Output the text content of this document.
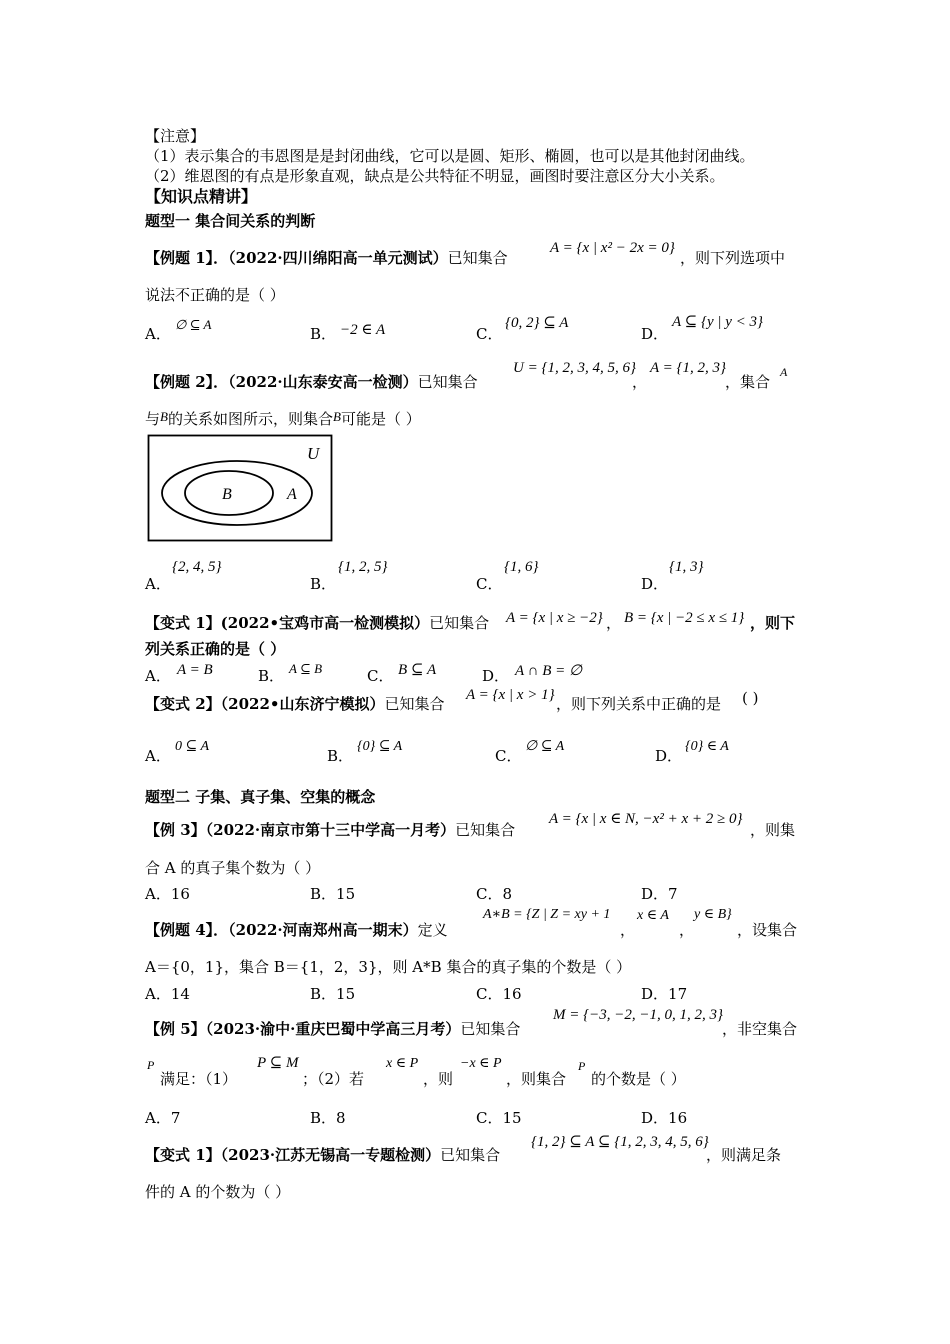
【注意】
（1）表示集合的韦恩图是是封闭曲线，它可以是圆、矩形、椭圆，也可以是其他封闭曲线。
（2）维恩图的有点是形象直观，缺点是公共特征不明显，画图时要注意区分大小关系。
【知识点精讲】
题型一 集合间关系的判断
【例题 1】．（2022·四川绵阳高一单元测试）已知集合
A = {x | x² − 2x = 0}
，则下列选项中
说法不正确的是（ ）
A．
∅ ⊆ A
B． −2 ∈ A	C．
{0, 2} ⊆ A
D．
A ⊆ {y | y < 3}
【例题 2】．（2022·山东泰安高一检测）已知集合
U = {1, 2, 3, 4, 5, 6}
，
A = {1, 2, 3}
，集合
A
与B的关系如图所示，则集合B可能是（ ）
U
A
B
A．
{2, 4, 5}
B．
{1, 2, 5}
C．
{1, 6}
D．
{1, 3}
【变式 1】(2022•宝鸡市高一检测模拟）已知集合 A = {x | x ≥ −2} ， B = {x | −2 ≤ x ≤ 1} ，则下
列关系正确的是（ ）
A． A = B	B． A ⊆ B	C． B ⊆ A	D． A ∩ B = ∅
【变式 2】（2022•山东济宁模拟）已知集合 A = {x | x > 1} ，则下列关系中正确的是 ( )
A．
0 ⊆ A
B．
{0} ⊆ A
C．
∅ ⊆ A
D．
{0} ∈ A
题型二 子集、真子集、空集的概念
【例 3】（2022·南京市第十三中学高一月考）已知集合
A = {x | x ∈ N, −x² + x + 2 ≥ 0}
，则集
合 A 的真子集个数为（ ）
A．16	B．15	C．8	D．7
【例题 4】．（2022·河南郑州高一期末）定义
A∗B = {Z | Z = xy + 1
，
x ∈ A
，
y ∈ B}
，设集合
A＝{0，1}，集合 B＝{1，2，3}，则 A*B 集合的真子集的个数是（ ）
A．14	B．15	C．16	D．17
【例 5】（2023·渝中·重庆巴蜀中学高三月考）已知集合
M = {−3, −2, −1, 0, 1, 2, 3}
，非空集合
P
满足：（1）
P ⊆ M
；（2）若
x ∈ P
，则
−x ∈ P
，则集合
P
的个数是（ ）
A．7	B．8	C．15	D．16
【变式 1】（2023·江苏无锡高一专题检测）已知集合
{1, 2} ⊆ A ⊆ {1, 2, 3, 4, 5, 6}
，则满足条
件的 A 的个数为（ ）
